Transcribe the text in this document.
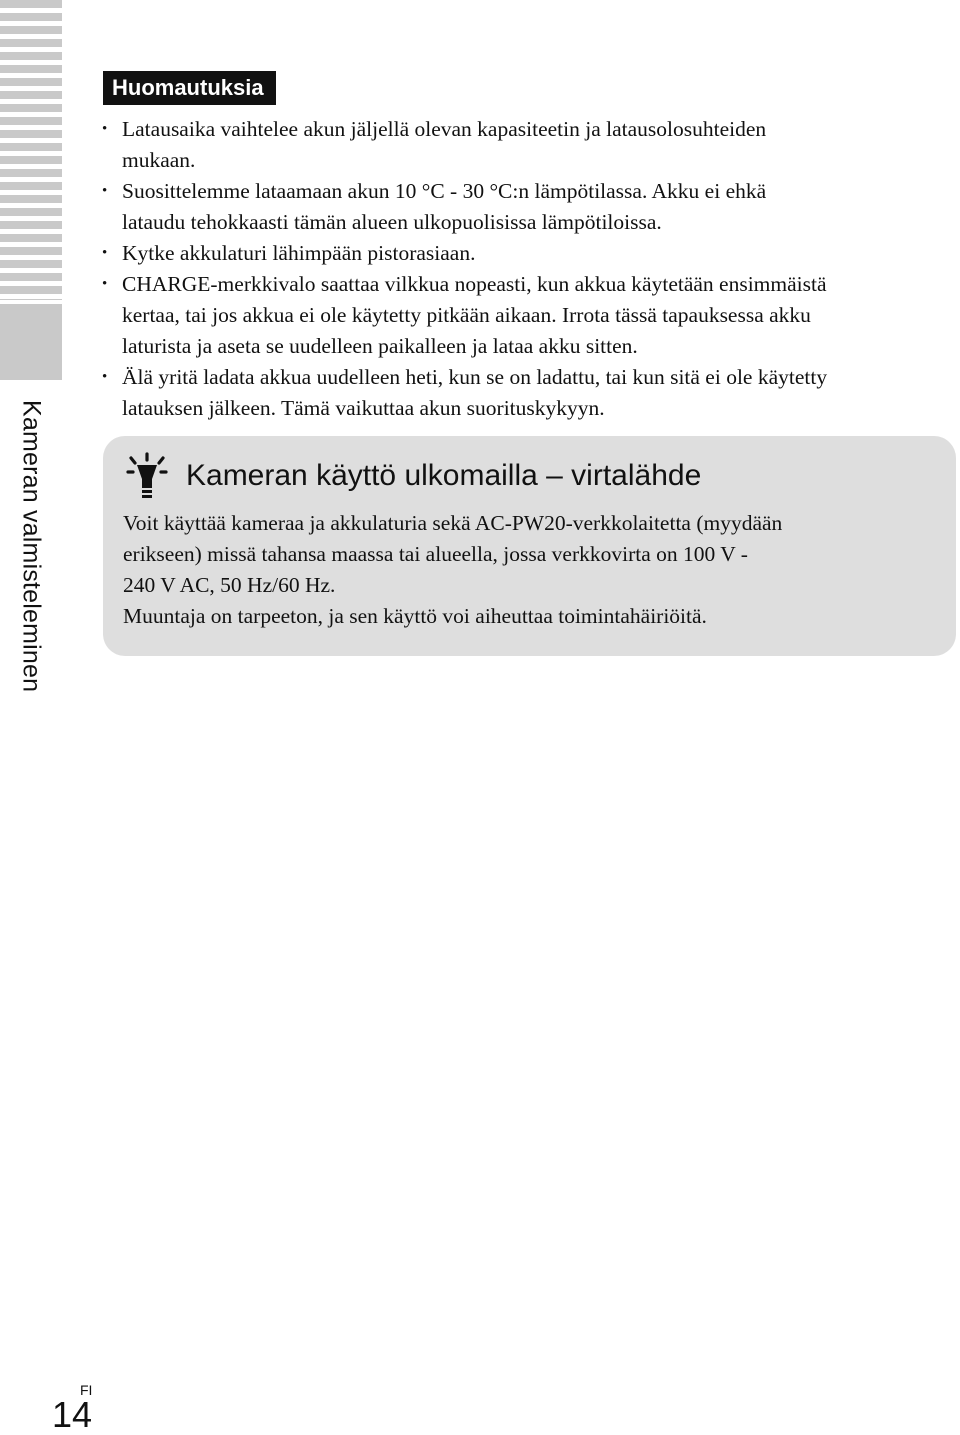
Kameran valmisteleminen
Huomautuksia
• Latausaika vaihtelee akun jäljellä olevan kapasiteetin ja latausolosuhteiden
mukaan.
• Suosittelemme lataamaan akun 10 °C - 30 °C:n lämpötilassa. Akku ei ehkä
lataudu tehokkaasti tämän alueen ulkopuolisissa lämpötiloissa.
• Kytke akkulaturi lähimpään pistorasiaan.
• CHARGE-merkkivalo saattaa vilkkua nopeasti, kun akkua käytetään ensimmäistä
kertaa, tai jos akkua ei ole käytetty pitkään aikaan. Irrota tässä tapauksessa akku
laturista ja aseta se uudelleen paikalleen ja lataa akku sitten.
• Älä yritä ladata akkua uudelleen heti, kun se on ladattu, tai kun sitä ei ole käytetty
latauksen jälkeen. Tämä vaikuttaa akun suorituskykyyn.
Kameran käyttö ulkomailla – virtalähde

Voit käyttää kameraa ja akkulaturia sekä AC-PW20-verkkolaitetta (myydään

erikseen) missä tahansa maassa tai alueella, jossa verkkovirta on 100 V -

240 V AC, 50 Hz/60 Hz.

Muuntaja on tarpeeton, ja sen käyttö voi aiheuttaa toimintahäiriöitä.

FI
14
